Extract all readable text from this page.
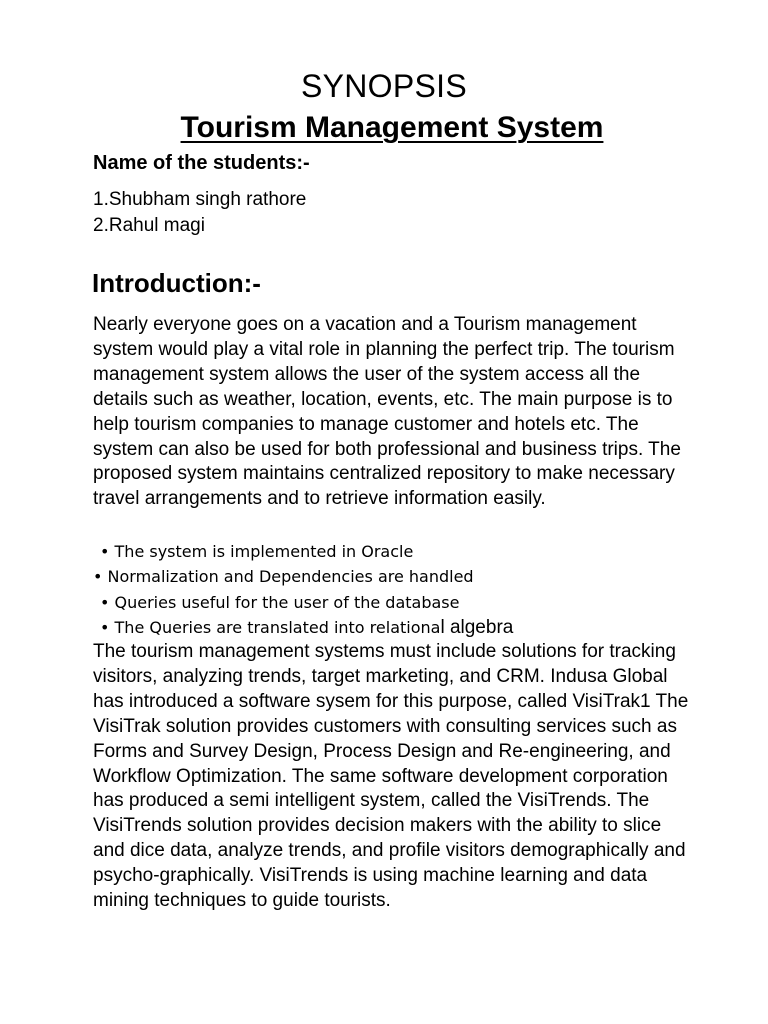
SYNOPSIS
Tourism Management System
Name of the students:-
1.Shubham singh rathore
2.Rahul magi
Introduction:-

Nearly everyone goes on a vacation and a Tourism management system would play a vital role in planning the perfect trip. The tourism management system allows the user of the system access all the details such as weather, location, events, etc. The main purpose is to help tourism companies to manage customer and hotels etc. The system can also be used for both professional and business trips. The proposed system maintains centralized repository to make necessary travel arrangements and to retrieve information easily.

• The system is implemented in Oracle
• Normalization and Dependencies are handled
• Queries useful for the user of the database
• The Queries are translated into relational algebra

The tourism management systems must include solutions for tracking visitors, analyzing trends, target marketing, and CRM. Indusa Global has introduced a software sysem for this purpose, called VisiTrak1 The VisiTrak solution provides customers with consulting services such as Forms and Survey Design, Process Design and Re-engineering, and Workflow Optimization. The same software development corporation has produced a semi intelligent system, called the VisiTrends. The VisiTrends solution provides decision makers with the ability to slice and dice data, analyze trends, and profile visitors demographically and psycho-graphically. VisiTrends is using machine learning and data mining techniques to guide tourists.
